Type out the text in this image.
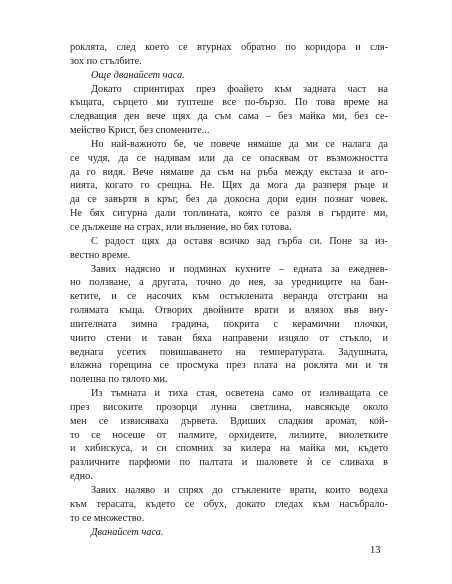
роклята, след което се втурнах обратно по коридора и сля-
зох по стълбите.

Още дванайсет часа.

Докато спринтирах през фоайето към задната част на
къщата, сърцето ми туптеше все по-бързо. По това време на
следващия ден вече щях да съм сама – без майка ми, без се-
мейство Крист, без спомените...

Но най-важното бе, че повече нямаше да ми се налага да
се чудя, да се надявам или да се опасявам от възможността
да го видя. Вече нямаше да съм на ръба между екстаза и аго-
нията, когато го срещна. Не. Щях да мога да разперя ръце и
да се завъртя в кръг, без да докосна дори един познат човек.
Не бях сигурна дали топлината, която се разля в гърдите ми,
се дължеше на страх, или вълнение, но бях готова.

С радост щях да оставя всичко зад гърба си. Поне за из-
вестно време.

Завих надясно и подминах кухните – едната за ежеднев-
но ползване, а другата, точно до нея, за уредниците на бан-
кетите, и се насочих към остъклената веранда отстрани на
голямата къща. Отворих двойните врати и влязох във вну-
шителната зимна градина, покрита с керамични плочки,
чиито стени и таван бяха направени изцяло от стъкло, и
веднага усетих повишаването на температурата. Задушната,
влажна горещина се просмука през плата на роклята ми и тя
полепна по тялото ми.

Из тъмната и тиха стая, осветена само от изливащата се
през високите прозорци лунна светлина, навсякъде около
мен се извисяваха дървета. Вдиших сладкия аромат, кой-
то се носеше от палмите, орхидеите, лилиите, виолетките
и хибискуса, и си спомних за килера на майка ми, където
различните парфюми по палтата и шаловете ѝ се сливаха в
едно.

Завих наляво и спрях до стъклените врати, които водеха
към терасата, където се обух, докато гледах към насъбрало-
то се множество.

Дванайсет часа.

13
